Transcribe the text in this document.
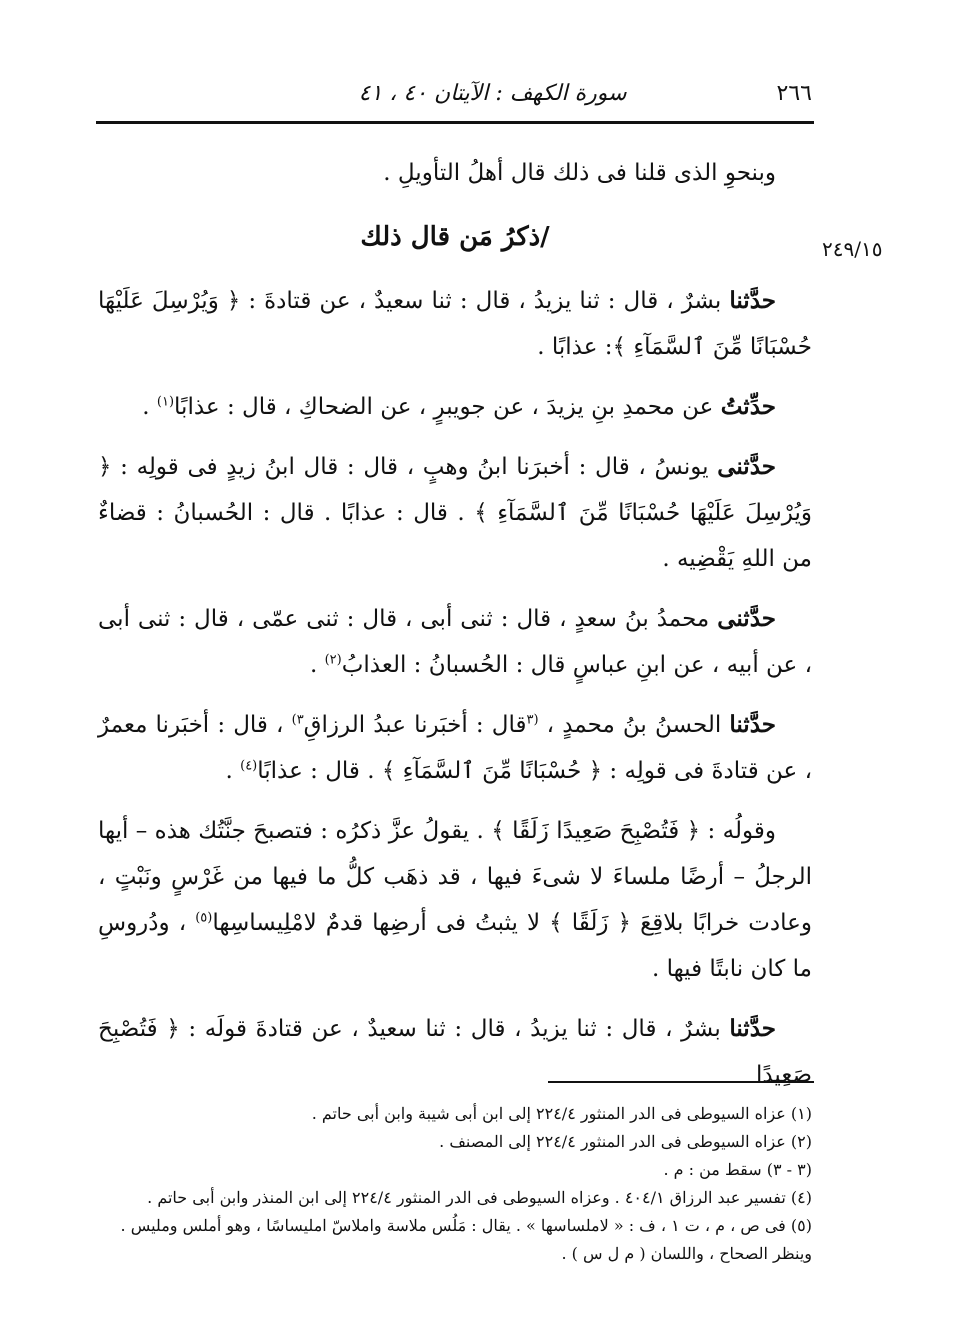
٢٦٦
سورة الكهف : الآيتان ٤٠ ، ٤١
٢٤٩/١٥

وبنحوِ الذى قلنا فى ذلك قال أهلُ التأويلِ .

/ذكرُ مَن قال ذلك

حدَّثنا بشرٌ ، قال : ثنا يزيدُ ، قال : ثنا سعيدٌ ، عن قتادةَ : ﴿ وَيُرْسِلَ عَلَيْهَا حُسْبَانًا مِّنَ ٱلسَّمَآءِ ﴾: عذابًا .

حدِّثتُ عن محمدِ بنِ يزيدَ ، عن جويبرٍ ، عن الضحاكِ ، قال : عذابًا$^{(١)}$ .

حدَّثنى يونسُ ، قال : أخبرَنا ابنُ وهبٍ ، قال : قال ابنُ زيدٍ فى قولِه : ﴿ وَيُرْسِلَ عَلَيْهَا حُسْبَانًا مِّنَ ٱلسَّمَآءِ ﴾ . قال : عذابًا . قال : الحُسبانُ : قضاءٌ من اللهِ يَقْضِيه .

حدَّثنى محمدُ بنُ سعدٍ ، قال : ثنى أبى ، قال : ثنى عمّى ، قال : ثنى أبى ، عن أبيه ، عن ابنِ عباسٍ قال : الحُسبانُ : العذابُ$^{(٢)}$ .

حدَّثنا الحسنُ بنُ محمدٍ ، $^{(٣}$قال : أخبَرنا عبدُ الرزاقِ$^{٣)}$ ، قال : أخبَرنا معمرٌ ، عن قتادةَ فى قولِه : ﴿ حُسْبَانًا مِّنَ ٱلسَّمَآءِ ﴾ . قال : عذابًا$^{(٤)}$ .

وقولُه : ﴿ فَتُصْبِحَ صَعِيدًا زَلَقًا ﴾ . يقولُ عزَّ ذكرُه : فتصبحَ جنَّتُك هذه – أيها الرجلُ – أرضًا ملساءَ لا شىءَ فيها ، قد ذهَب كلُّ ما فيها من غَرْسٍ ونَبْتٍ ، وعادت خرابًا بلاقِعَ ﴿ زَلَقًا ﴾ لا يثبتُ فى أرضِها قدمٌ لامْلِيساسِها$^{(٥)}$ ، ودُروسِ ما كان نابتًا فيها .

حدَّثنا بشرٌ ، قال : ثنا يزيدُ ، قال : ثنا سعيدٌ ، عن قتادةَ قولَه : ﴿ فَتُصْبِحَ صَعِيدًا

(١) عزاه السيوطى فى الدر المنثور ٢٢٤/٤ إلى ابن أبى شيبة وابن أبى حاتم .

(٢) عزاه السيوطى فى الدر المنثور ٢٢٤/٤ إلى المصنف .

(٣ - ٣) سقط من : م .

(٤) تفسير عبد الرزاق ٤٠٤/١ . وعزاه السيوطى فى الدر المنثور ٢٢٤/٤ إلى ابن المنذر وابن أبى حاتم .

(٥) فى ص ، م ، ت ١ ، ف : « لاملساسها » . يقال : مَلُس ملاسة واملاسّ امليساسًا ، وهو أملس ومليس . وينظر الصحاح ، واللسان ( م ل س ) .
